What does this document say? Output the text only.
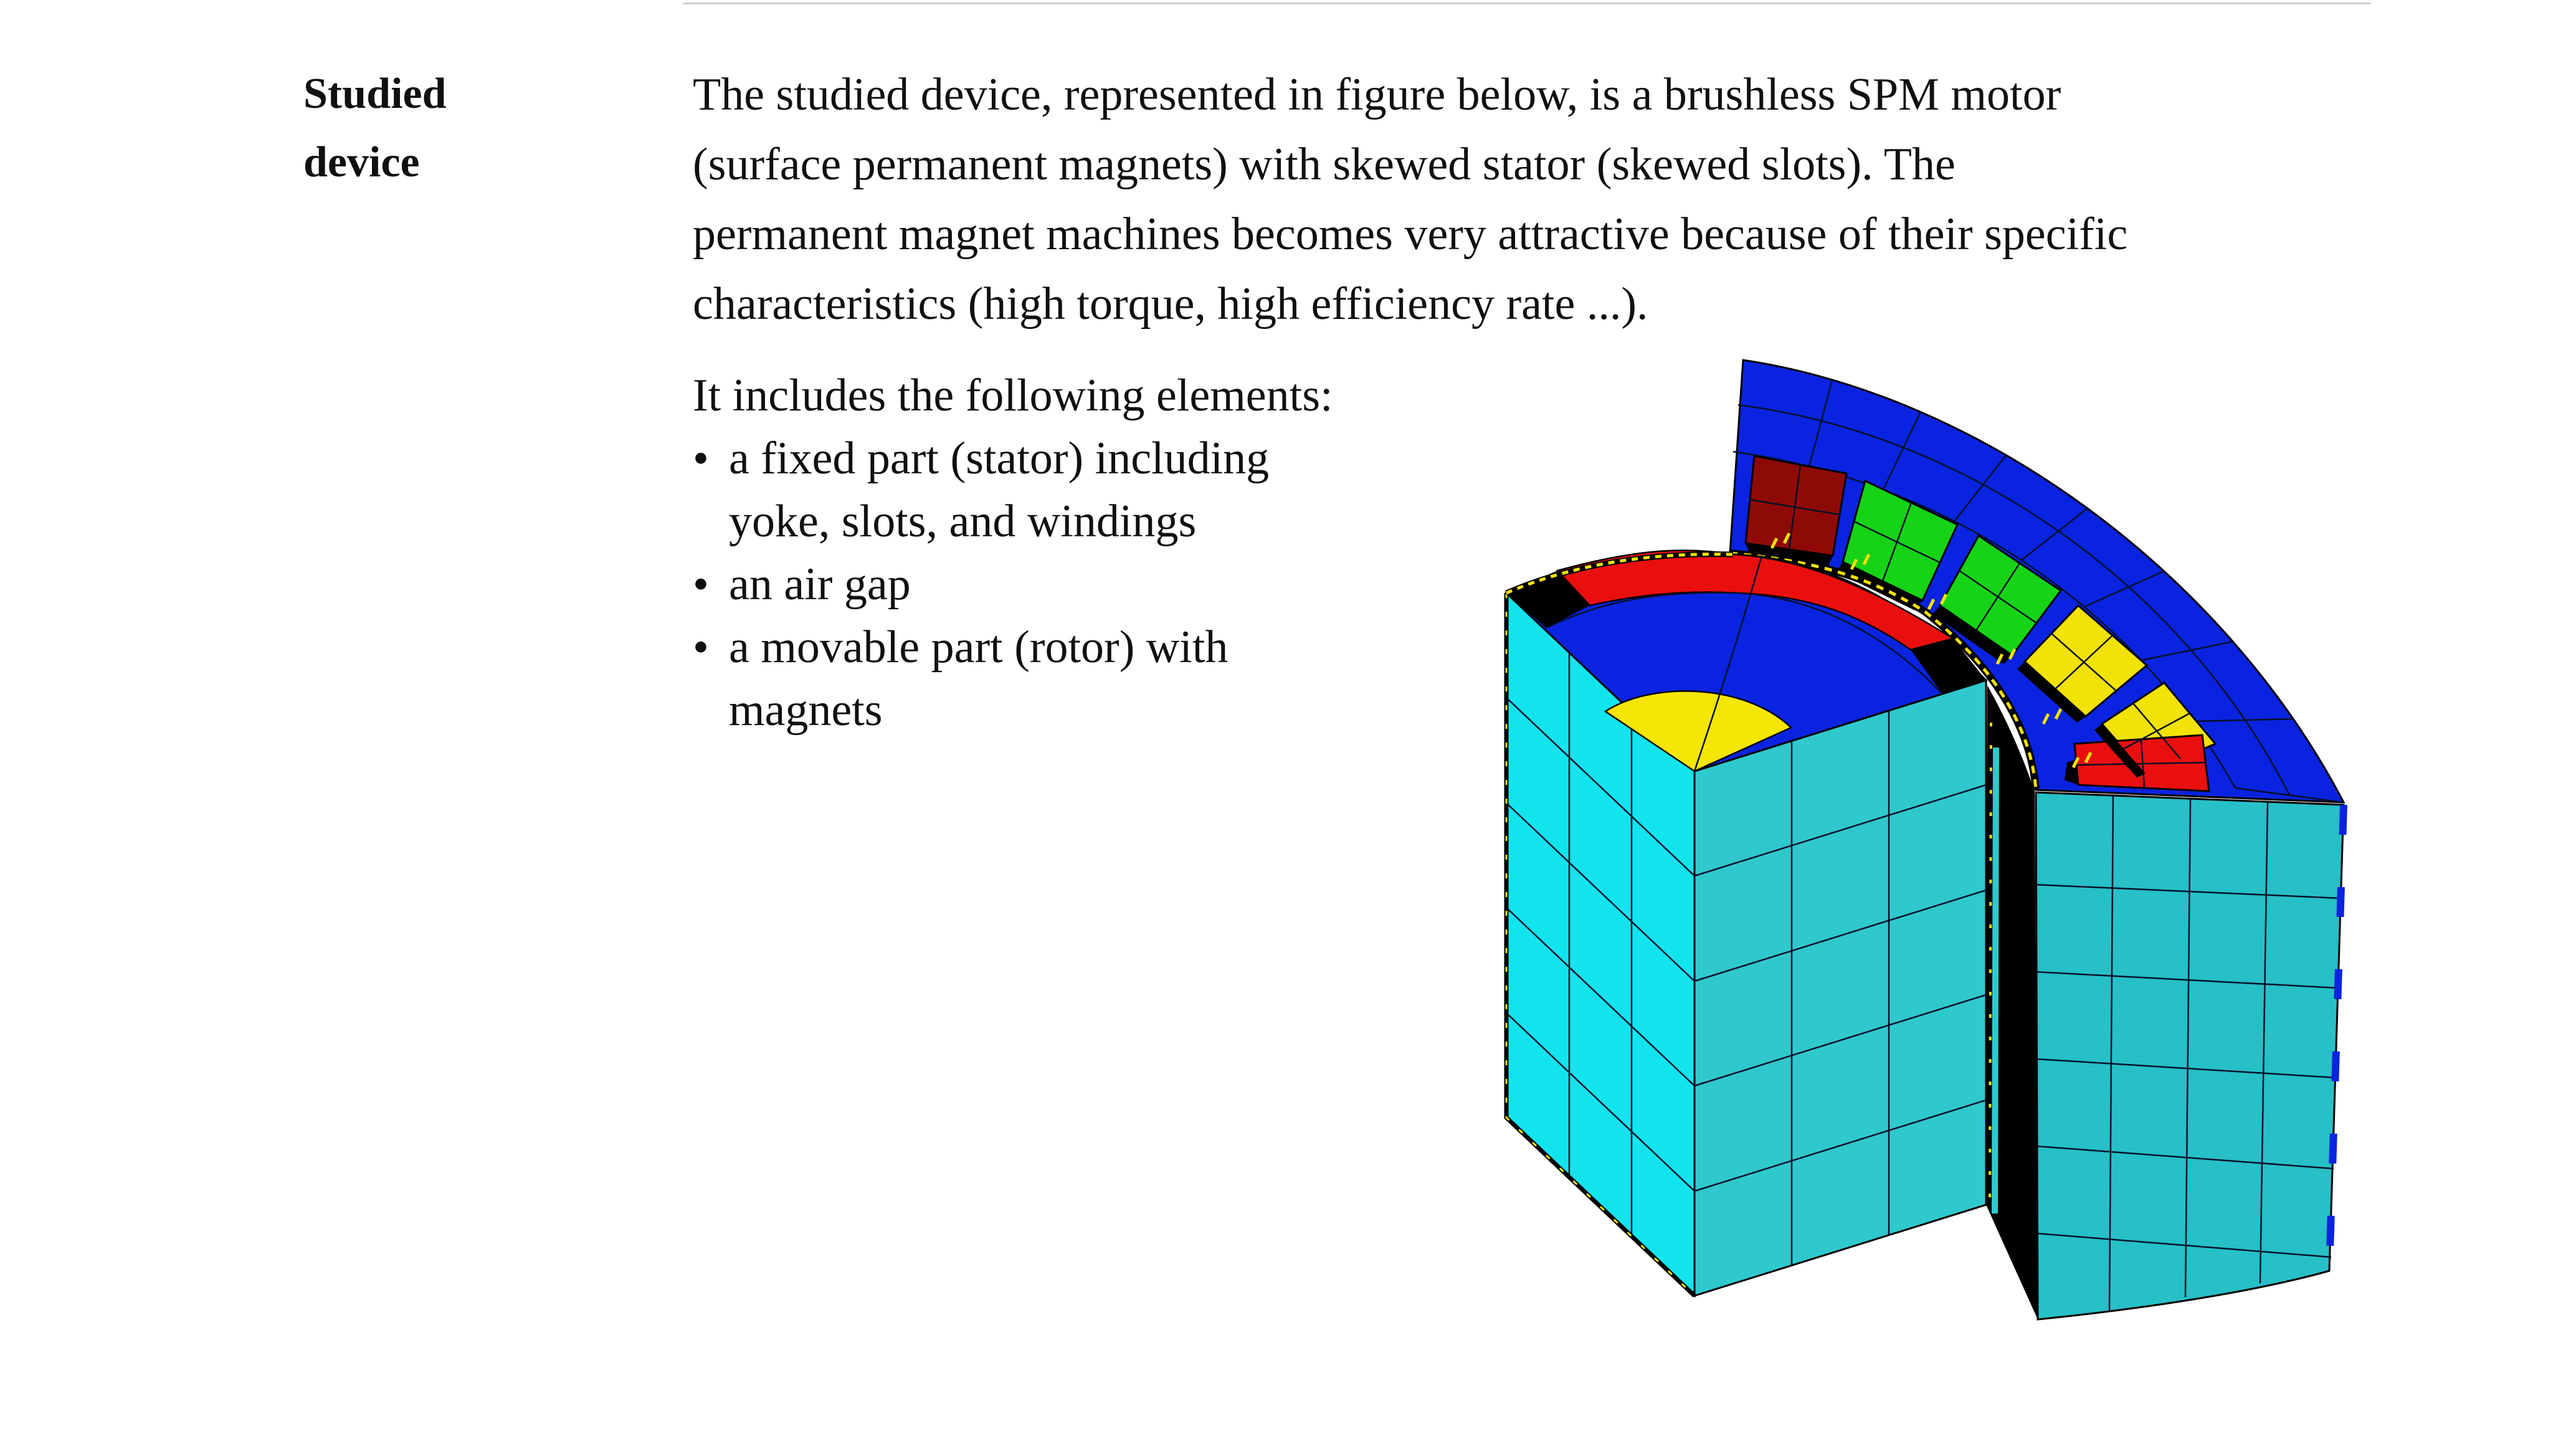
Studied
device
The studied device, represented in figure below, is a brushless SPM motor
(surface permanent magnets) with skewed stator (skewed slots). The
permanent magnet machines becomes very attractive because of their specific
characteristics (high torque, high efficiency rate ...).
It includes the following elements:
• a fixed part (stator) including
yoke, slots, and windings
• an air gap
• a movable part (rotor) with
magnets
